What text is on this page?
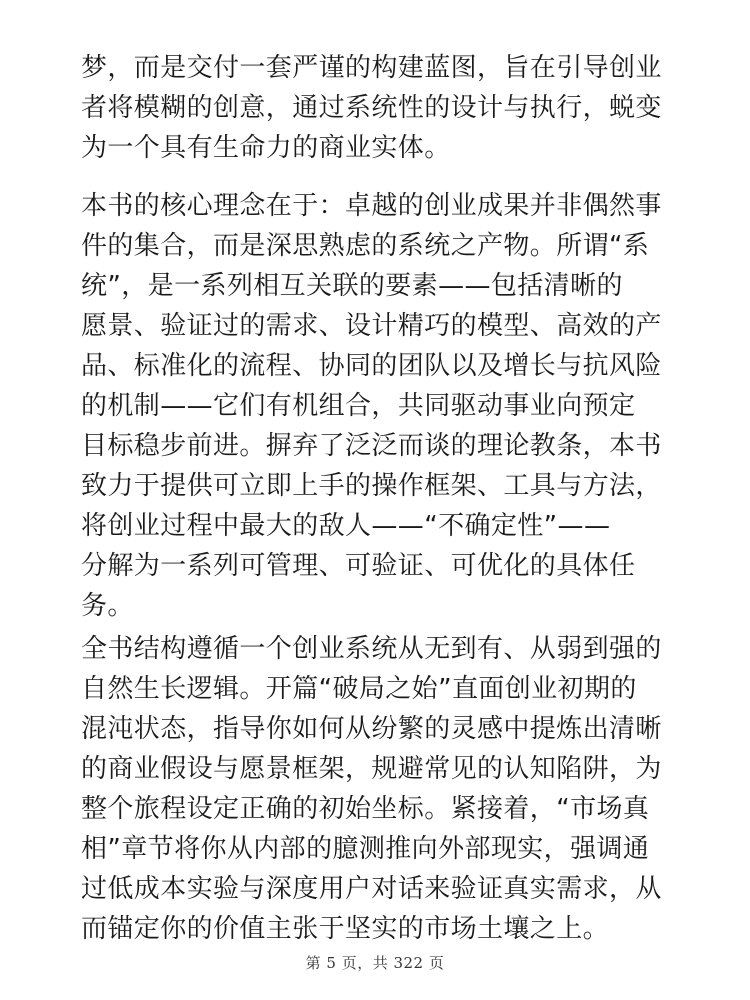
梦，而是交付一套严谨的构建蓝图，旨在引导创业
者将模糊的创意，通过系统性的设计与执行，蜕变
为一个具有生命力的商业实体。
本书的核心理念在于：卓越的创业成果并非偶然事
件的集合，而是深思熟虑的系统之产物。所谓“系
统”，是一系列相互关联的要素——包括清晰的
愿景、验证过的需求、设计精巧的模型、高效的产
品、标准化的流程、协同的团队以及增长与抗风险
的机制——它们有机组合，共同驱动事业向预定
目标稳步前进。摒弃了泛泛而谈的理论教条，本书
致力于提供可立即上手的操作框架、工具与方法，
将创业过程中最大的敌人——“不确定性”——
分解为一系列可管理、可验证、可优化的具体任
务。
全书结构遵循一个创业系统从无到有、从弱到强的
自然生长逻辑。开篇“破局之始”直面创业初期的
混沌状态，指导你如何从纷繁的灵感中提炼出清晰
的商业假设与愿景框架，规避常见的认知陷阱，为
整个旅程设定正确的初始坐标。紧接着，“市场真
相”章节将你从内部的臆测推向外部现实，强调通
过低成本实验与深度用户对话来验证真实需求，从
而锚定你的价值主张于坚实的市场土壤之上。
第 5 页，共 322 页
